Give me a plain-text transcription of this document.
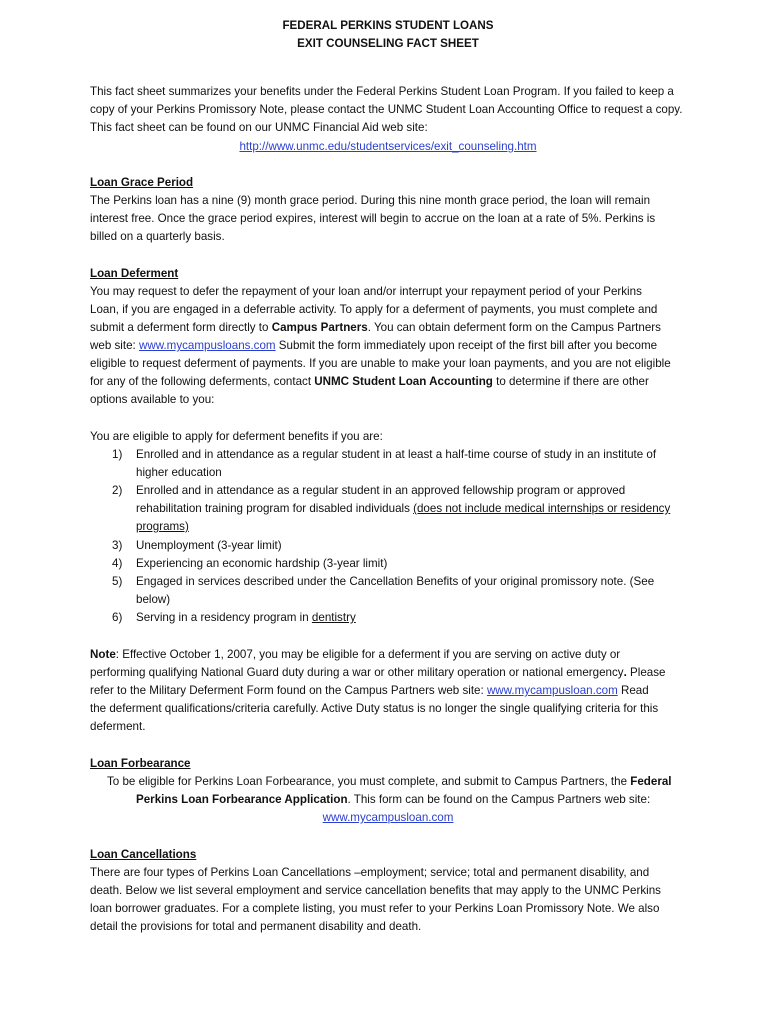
FEDERAL PERKINS STUDENT LOANS
EXIT COUNSELING FACT SHEET
This fact sheet summarizes your benefits under the Federal Perkins Student Loan Program. If you failed to keep a
copy of your Perkins Promissory Note, please contact the UNMC Student Loan Accounting Office to request a copy.
This fact sheet can be found on our UNMC Financial Aid web site:
http://www.unmc.edu/studentservices/exit_counseling.htm
Loan Grace Period
The Perkins loan has a nine (9) month grace period. During this nine month grace period, the loan will remain
interest free. Once the grace period expires, interest will begin to accrue on the loan at a rate of 5%. Perkins is
billed on a quarterly basis.
Loan Deferment
You may request to defer the repayment of your loan and/or interrupt your repayment period of your Perkins
Loan, if you are engaged in a deferrable activity. To apply for a deferment of payments, you must complete and
submit a deferment form directly to Campus Partners. You can obtain deferment form on the Campus Partners
web site: www.mycampusloans.com Submit the form immediately upon receipt of the first bill after you become
eligible to request deferment of payments. If you are unable to make your loan payments, and you are not eligible
for any of the following deferments, contact UNMC Student Loan Accounting to determine if there are other
options available to you:
You are eligible to apply for deferment benefits if you are:
1) Enrolled and in attendance as a regular student in at least a half-time course of study in an institute of
higher education
2) Enrolled and in attendance as a regular student in an approved fellowship program or approved
rehabilitation training program for disabled individuals (does not include medical internships or residency
programs)
3) Unemployment (3-year limit)
4) Experiencing an economic hardship (3-year limit)
5) Engaged in services described under the Cancellation Benefits of your original promissory note. (See
below)
6) Serving in a residency program in dentistry
Note: Effective October 1, 2007, you may be eligible for a deferment if you are serving on active duty or
performing qualifying National Guard duty during a war or other military operation or national emergency. Please
refer to the Military Deferment Form found on the Campus Partners web site: www.mycampusloan.com Read
the deferment qualifications/criteria carefully. Active Duty status is no longer the single qualifying criteria for this
deferment.
Loan Forbearance
To be eligible for Perkins Loan Forbearance, you must complete, and submit to Campus Partners, the Federal
Perkins Loan Forbearance Application. This form can be found on the Campus Partners web site:
www.mycampusloan.com
Loan Cancellations
There are four types of Perkins Loan Cancellations –employment; service; total and permanent disability, and
death. Below we list several employment and service cancellation benefits that may apply to the UNMC Perkins
loan borrower graduates. For a complete listing, you must refer to your Perkins Loan Promissory Note. We also
detail the provisions for total and permanent disability and death.
